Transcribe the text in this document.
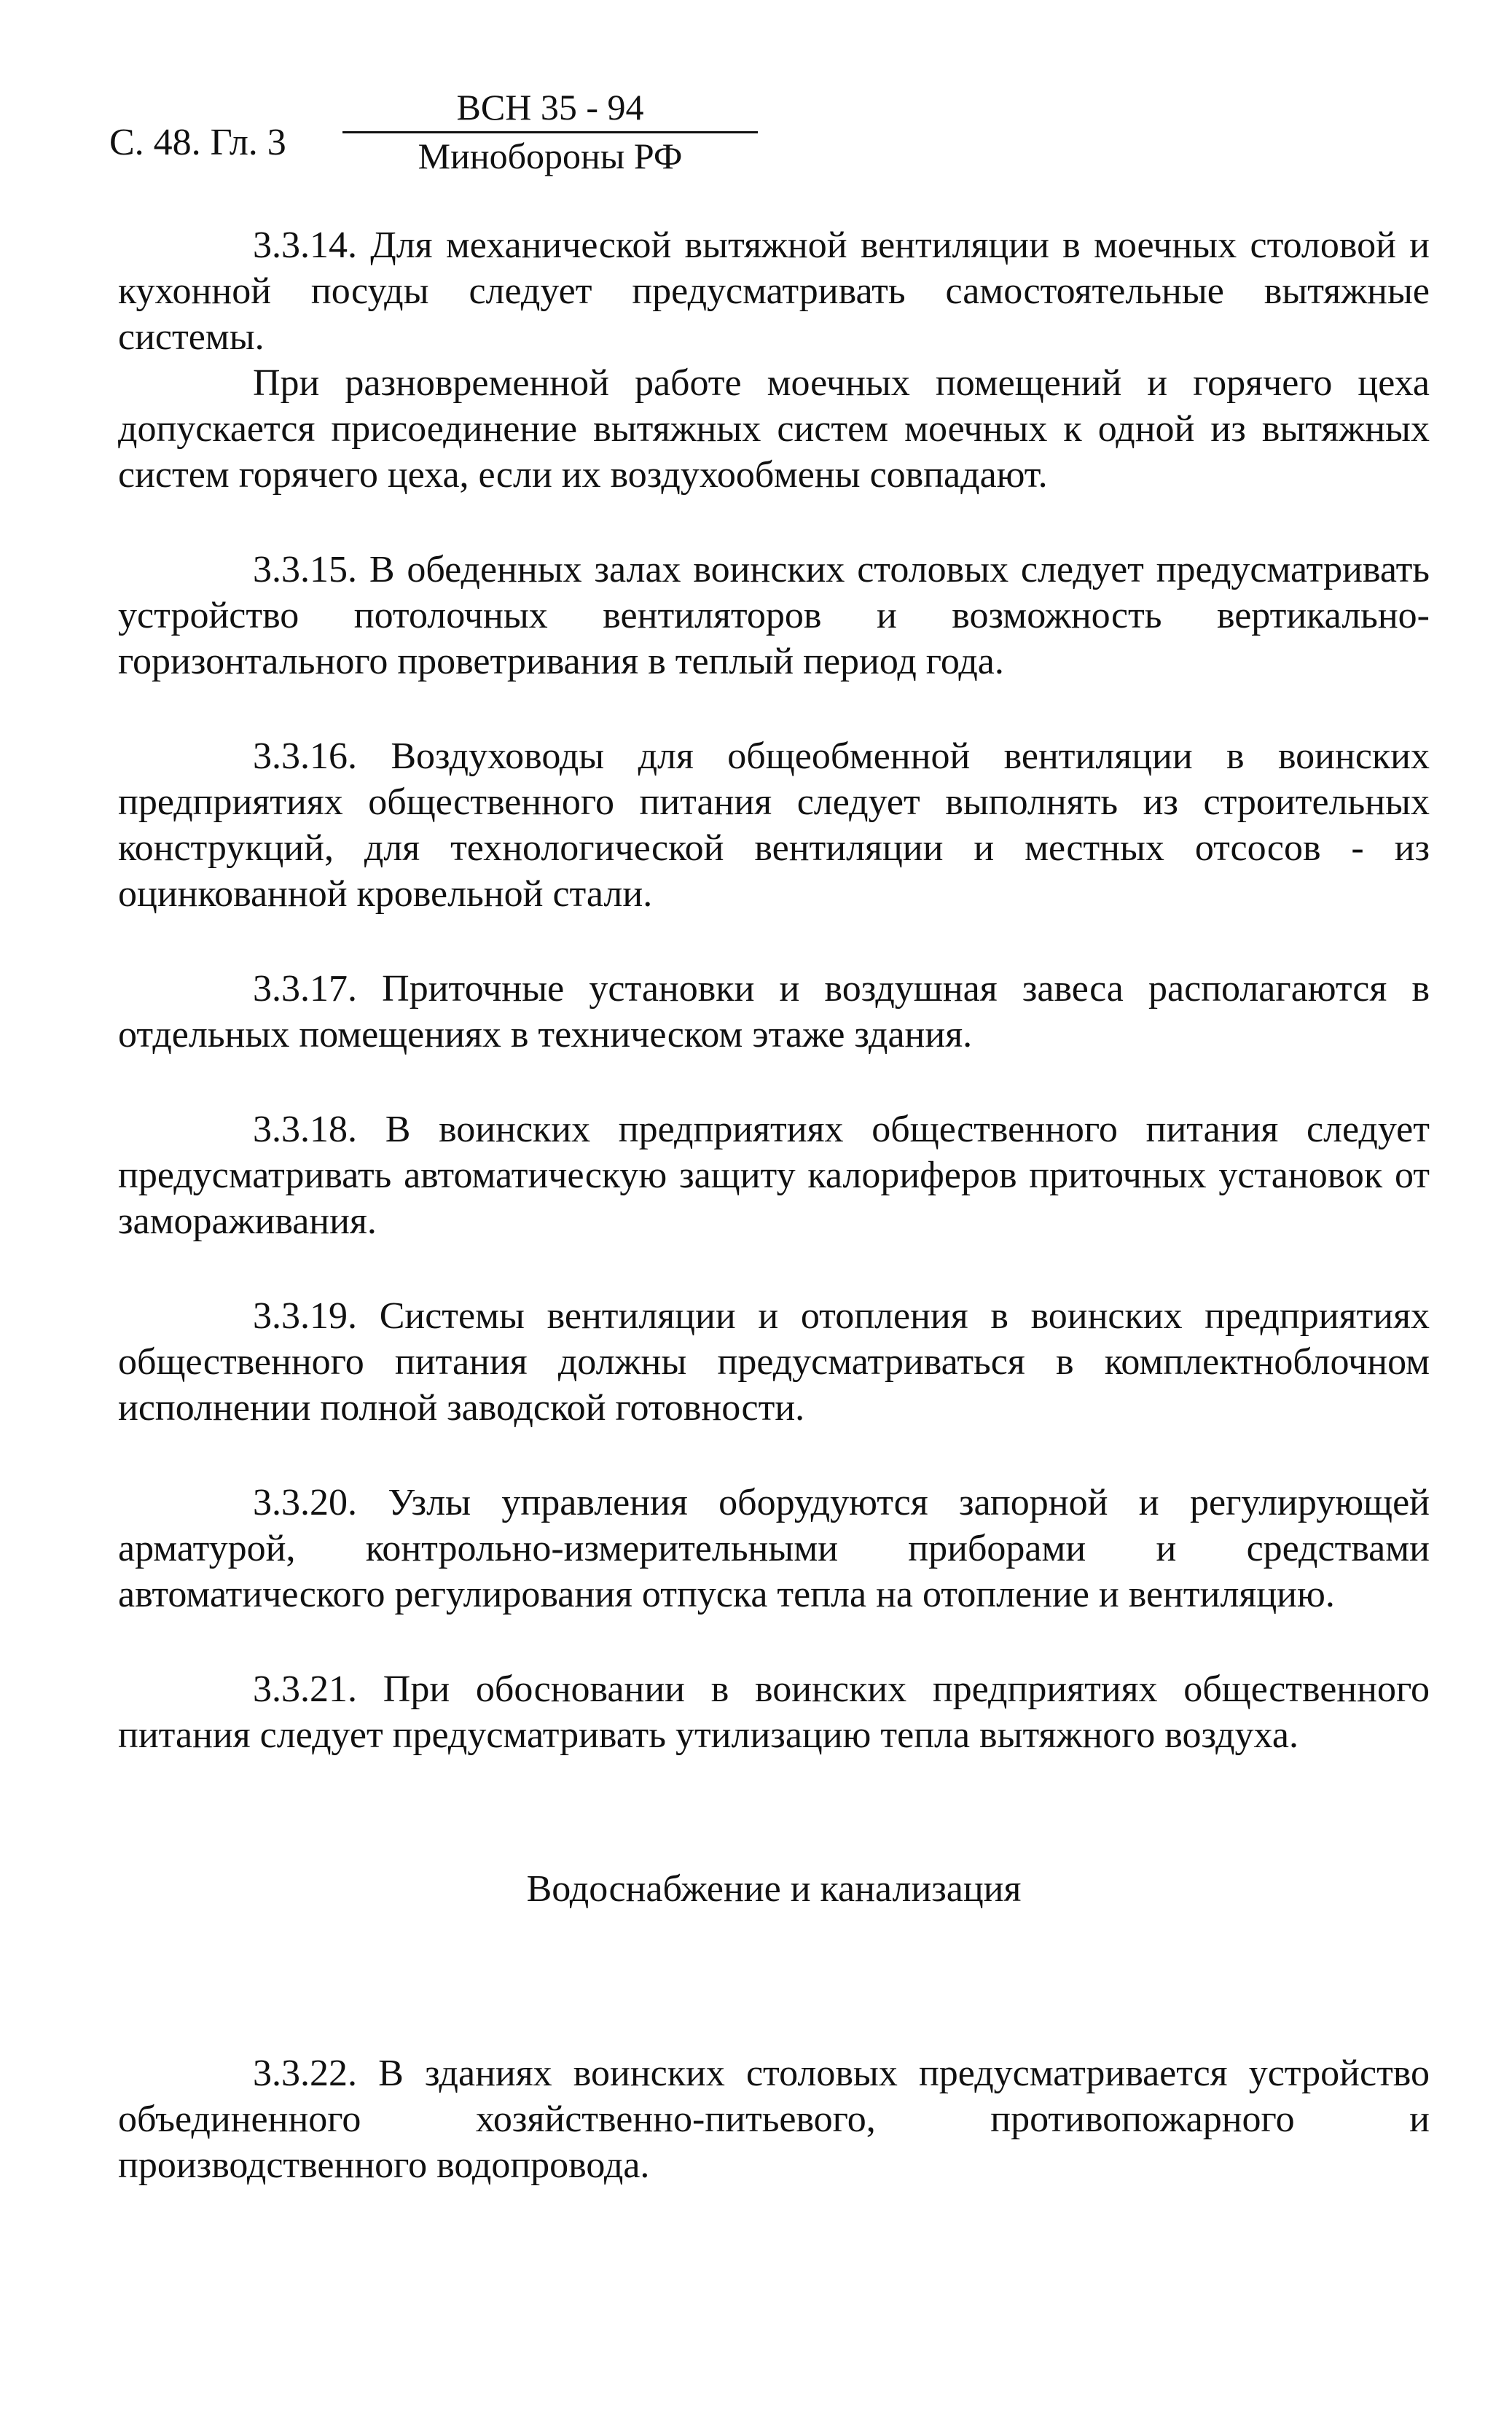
С. 48. Гл. 3
ВСН 35 - 94
Минобороны РФ

3.3.14. Для механической вытяжной вентиляции в моечных столовой и кухонной посуды следует предусматривать самостоятельные вытяжные системы.

При разновременной работе моечных помещений и горячего цеха допускается присоединение вытяжных систем моечных к одной из вытяжных систем горячего цеха, если их воздухообмены совпадают.

3.3.15. В обеденных залах воинских столовых следует предусматривать устройство потолочных вентиляторов и возможность вертикально-горизонтального проветривания в теплый период года.

3.3.16. Воздуховоды для общеобменной вентиляции в воинских предприятиях общественного питания следует выполнять из строительных конструкций, для технологической вентиляции и местных отсосов - из оцинкованной кровельной стали.

3.3.17. Приточные установки и воздушная завеса располагаются в отдельных помещениях в техническом этаже здания.

3.3.18. В воинских предприятиях общественного питания следует предусматривать автоматическую защиту калориферов приточных установок от замораживания.

3.3.19. Системы вентиляции и отопления в воинских предприятиях общественного питания должны предусматриваться в комплектноблочном исполнении полной заводской готовности.

3.3.20. Узлы управления оборудуются запорной и регулирующей арматурой, контрольно-измерительными приборами и средствами автоматического регулирования отпуска тепла на отопление и вентиляцию.

3.3.21. При обосновании в воинских предприятиях общественного питания следует предусматривать утилизацию тепла вытяжного воздуха.

Водоснабжение и канализация

3.3.22. В зданиях воинских столовых предусматривается устройство объединенного хозяйственно-питьевого, противопожарного и производственного водопровода.
